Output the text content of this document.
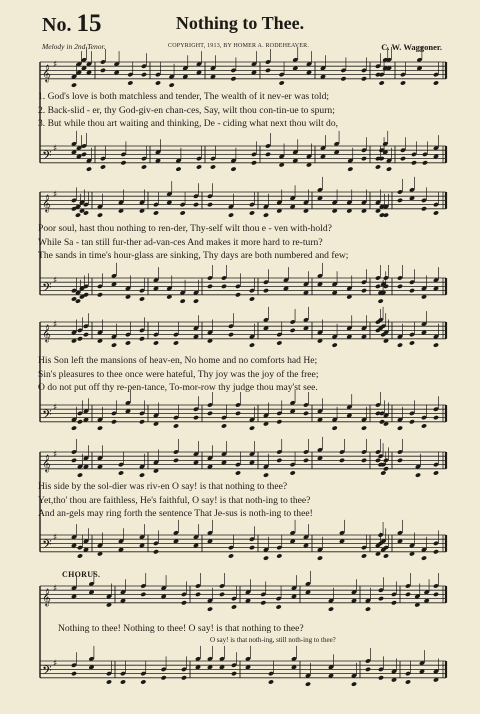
No. 15	Nothing to Thee.
Melody in 2nd Tenor.	COPYRIGHT, 1913, BY HOMER A. RODEHEAVER.	C. W. Waggoner.
𝄞 ♯
𝄢 ♯
𝄞 ♯
𝄢 ♯
𝄞 ♯
𝄢 ♯
𝄞 ♯
𝄢 ♯
𝄞 ♯
𝄢 ♯
1. God's love is both matchless and tender, The wealth of it nev-er was told;
2. Back-slid - er, thy God-giv-en chan-ces, Say, wilt thou con-tin-ue to spurn;
3. But while thou art waiting and thinking, De - ciding what next thou wilt do,
Poor soul, hast thou nothing to ren-der, Thy-self wilt thou e - ven with-hold?
While Sa - tan still fur-ther ad-van-ces And makes it more hard to re-turn?
The sands in time's hour-glass are sinking, Thy days are both numbered and few;
His Son left the mansions of heav-en, No home and no comforts had He;
Sin's pleasures to thee once were hateful, Thy joy was the joy of the free;
O do not put off thy re-pen-tance, To-mor-row thy judge thou may'st see.
His side by the sol-dier was riv-en O say! is that nothing to thee?
Yet,tho' thou are faithless, He's faithful, O say! is that noth-ing to thee?
And an-gels may ring forth the sentence That Je-sus is noth-ing to thee!
CHORUS.
Nothing to thee! Nothing to thee! O say! is that nothing to thee?
O say! is that noth-ing, still noth-ing to thee?
